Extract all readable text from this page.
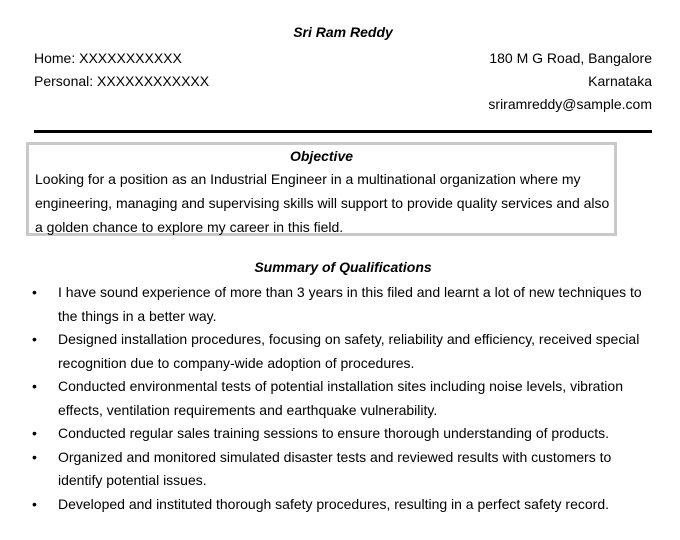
Sri Ram Reddy
Home: XXXXXXXXXXX
Personal: XXXXXXXXXXXX
180 M G Road, Bangalore
Karnataka
sriramreddy@sample.com
Objective
Looking for a position as an Industrial Engineer in a multinational organization where my engineering, managing and supervising skills will support to provide quality services and also a golden chance to explore my career in this field.
Summary of Qualifications
• I have sound experience of more than 3 years in this filed and learnt a lot of new techniques to the things in a better way.
• Designed installation procedures, focusing on safety, reliability and efficiency, received special recognition due to company-wide adoption of procedures.
• Conducted environmental tests of potential installation sites including noise levels, vibration effects, ventilation requirements and earthquake vulnerability.
• Conducted regular sales training sessions to ensure thorough understanding of products.
• Organized and monitored simulated disaster tests and reviewed results with customers to identify potential issues.
• Developed and instituted thorough safety procedures, resulting in a perfect safety record.
